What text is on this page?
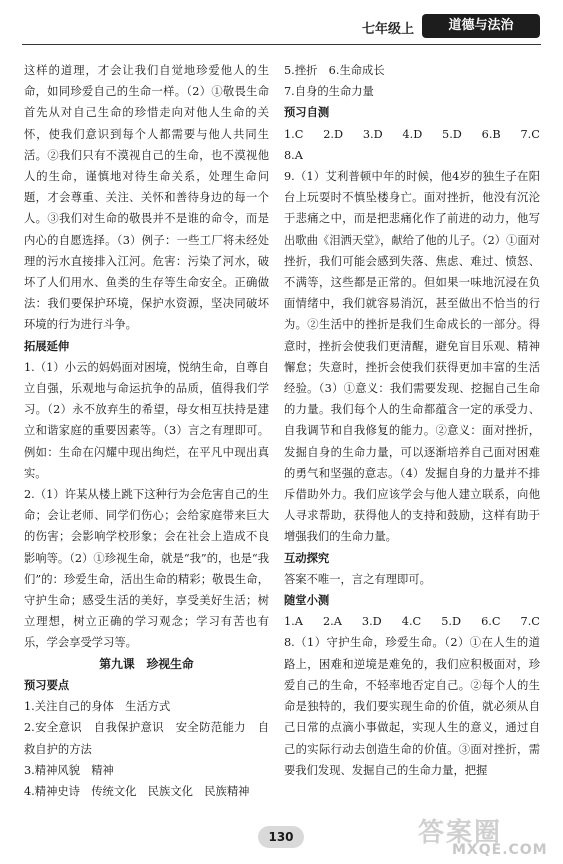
七年级上	道德与法治

这样的道理，才会让我们自觉地珍爱他人的生命，如同珍爱自己的生命一样。（2）①敬畏生命首先从对自己生命的珍惜走向对他人生命的关怀，使我们意识到每个人都需要与他人共同生活。②我们只有不漠视自己的生命，也不漠视他人的生命，谨慎地对待生命关系，处理生命问题，才会尊重、关注、关怀和善待身边的每一个人。③我们对生命的敬畏并不是谁的命令，而是内心的自愿选择。（3）例子：一些工厂将未经处理的污水直接排入江河。危害：污染了河水，破坏了人们用水、鱼类的生存等生命安全。正确做法：我们要保护环境，保护水资源，坚决同破坏环境的行为进行斗争。

拓展延伸

1.（1）小云的妈妈面对困境，悦纳生命，自尊自立自强，乐观地与命运抗争的品质，值得我们学习。（2）永不放弃生的希望，母女相互扶持是建立和谐家庭的重要因素等。（3）言之有理即可。例如：生命在闪耀中现出绚烂，在平凡中现出真实。

2.（1）许某从楼上跳下这种行为会危害自己的生命；会让老师、同学们伤心；会给家庭带来巨大的伤害；会影响学校形象；会在社会上造成不良影响等。（2）①珍视生命，就是“我”的，也是“我们”的：珍爱生命，活出生命的精彩；敬畏生命，守护生命；感受生活的美好，享受美好生活；树立理想，树立正确的学习观念；学习有苦也有乐，学会享受学习等。

第九课　珍视生命

预习要点

1.关注自己的身体　生活方式

2.安全意识　自我保护意识　安全防范能力　自救自护的方法

3.精神风貌　精神

4.精神史诗　传统文化　民族文化　民族精神

5.挫折　6.生命成长

7.自身的生命力量

预习自测

1.C 2.D 3.D 4.D 5.D 6.B 7.C

8.A

9.（1）艾利普顿中年的时候，他4岁的独生子在阳台上玩耍时不慎坠楼身亡。面对挫折，他没有沉沦于悲痛之中，而是把悲痛化作了前进的动力，他写出歌曲《泪洒天堂》，献给了他的儿子。（2）①面对挫折，我们可能会感到失落、焦虑、难过、愤怒、不满等，这些都是正常的。但如果一味地沉浸在负面情绪中，我们就容易消沉，甚至做出不恰当的行为。②生活中的挫折是我们生命成长的一部分。得意时，挫折会使我们更清醒，避免盲目乐观、精神懈怠；失意时，挫折会使我们获得更加丰富的生活经验。（3）①意义：我们需要发现、挖掘自己生命的力量。我们每个人的生命都蕴含一定的承受力、自我调节和自我修复的能力。②意义：面对挫折，发掘自身的生命力量，可以逐渐培养自己面对困难的勇气和坚强的意志。（4）发掘自身的力量并不排斥借助外力。我们应该学会与他人建立联系，向他人寻求帮助，获得他人的支持和鼓励，这样有助于增强我们的生命力量。

互动探究

答案不唯一，言之有理即可。

随堂小测

1.A 2.A 3.D 4.C 5.D 6.C 7.C

8.（1）守护生命，珍爱生命。（2）①在人生的道路上，困难和逆境是难免的，我们应积极面对，珍爱自己的生命，不轻率地否定自己。②每个人的生命是独特的，我们要实现生命的价值，就必须从自己日常的点滴小事做起，实现人生的意义，通过自己的实际行动去创造生命的价值。③面对挫折，需要我们发现、发掘自己的生命力量，把握

130	答案圈
MXQE.COM
